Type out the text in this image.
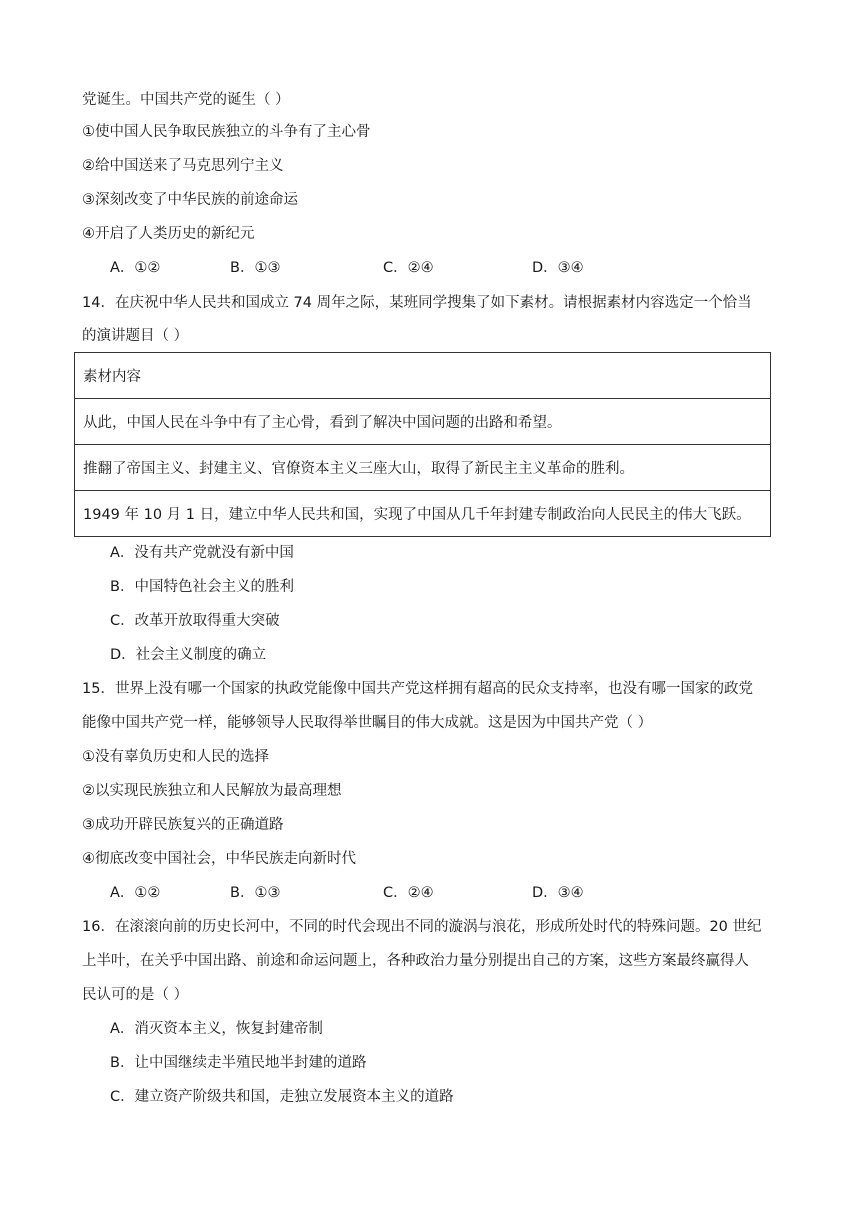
党诞生。中国共产党的诞生（ ）
①使中国人民争取民族独立的斗争有了主心骨
②给中国送来了马克思列宁主义
③深刻改变了中华民族的前途命运
④开启了人类历史的新纪元
A．①②	B．①③	C．②④	D．③④
14．在庆祝中华人民共和国成立 74 周年之际，某班同学搜集了如下素材。请根据素材内容选定一个恰当
的演讲题目（ ）
素材内容
从此，中国人民在斗争中有了主心骨，看到了解决中国问题的出路和希望。
推翻了帝国主义、封建主义、官僚资本主义三座大山，取得了新民主主义革命的胜利。
1949 年 10 月 1 日，建立中华人民共和国，实现了中国从几千年封建专制政治向人民民主的伟大飞跃。
A．没有共产党就没有新中国
B．中国特色社会主义的胜利
C．改革开放取得重大突破
D．社会主义制度的确立
15．世界上没有哪一个国家的执政党能像中国共产党这样拥有超高的民众支持率，也没有哪一国家的政党
能像中国共产党一样，能够领导人民取得举世瞩目的伟大成就。这是因为中国共产党（ ）
①没有辜负历史和人民的选择
②以实现民族独立和人民解放为最高理想
③成功开辟民族复兴的正确道路
④彻底改变中国社会，中华民族走向新时代
A．①②	B．①③	C．②④	D．③④
16．在滚滚向前的历史长河中，不同的时代会现出不同的漩涡与浪花，形成所处时代的特殊问题。20 世纪
上半叶，在关乎中国出路、前途和命运问题上，各种政治力量分别提出自己的方案，这些方案最终赢得人
民认可的是（ ）
A．消灭资本主义，恢复封建帝制
B．让中国继续走半殖民地半封建的道路
C．建立资产阶级共和国，走独立发展资本主义的道路
